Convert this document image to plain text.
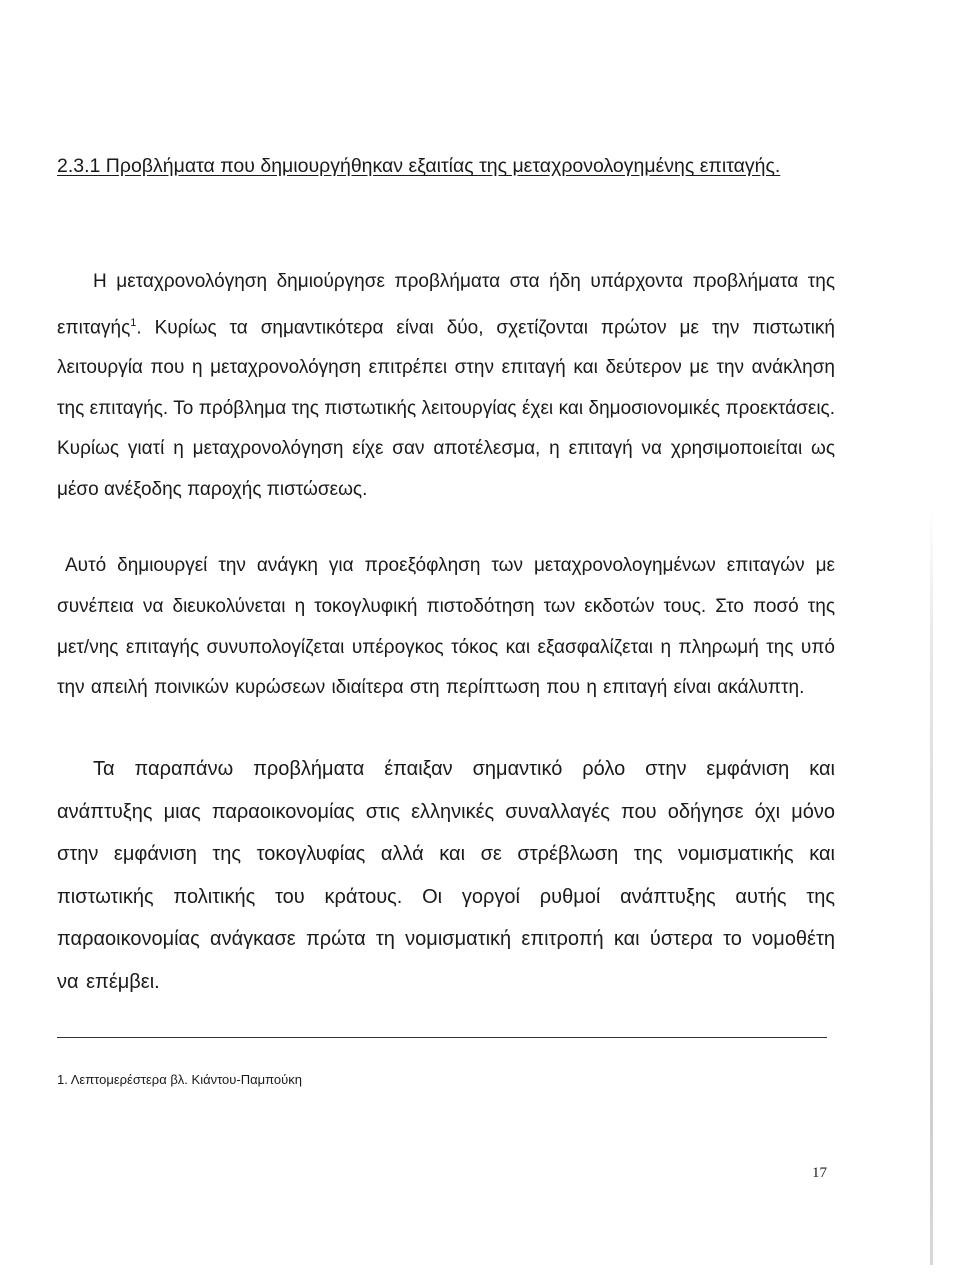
2.3.1 Προβλήματα που δημιουργήθηκαν εξαιτίας της μεταχρονολογημένης επιταγής.

Η μεταχρονολόγηση δημιούργησε προβλήματα στα ήδη υπάρχοντα προβλήματα της επιταγής$^1$. Κυρίως τα σημαντικότερα είναι δύο, σχετίζονται πρώτον με την πιστωτική λειτουργία που η μεταχρονολόγηση επιτρέπει στην επιταγή και δεύτερον με την ανάκληση της επιταγής. Το πρόβλημα της πιστωτικής λειτουργίας έχει και δημοσιονομικές προεκτάσεις. Κυρίως γιατί η μεταχρονολόγηση είχε σαν αποτέλεσμα, η επιταγή να χρησιμοποιείται ως μέσο ανέξοδης παροχής πιστώσεως.

Αυτό δημιουργεί την ανάγκη για προεξόφληση των μεταχρονολογημένων επιταγών με συνέπεια να διευκολύνεται η τοκογλυφική πιστοδότηση των εκδοτών τους. Στο ποσό της μετ/νης επιταγής συνυπολογίζεται υπέρογκος τόκος και εξασφαλίζεται η πληρωμή της υπό την απειλή ποινικών κυρώσεων ιδιαίτερα στη περίπτωση που η επιταγή είναι ακάλυπτη.

Τα παραπάνω προβλήματα έπαιξαν σημαντικό ρόλο στην εμφάνιση και ανάπτυξης μιας παραοικονομίας στις ελληνικές συναλλαγές που οδήγησε όχι μόνο στην εμφάνιση της τοκογλυφίας αλλά και σε στρέβλωση της νομισματικής και πιστωτικής πολιτικής του κράτους. Οι γοργοί ρυθμοί ανάπτυξης αυτής της παραοικονομίας ανάγκασε πρώτα τη νομισματική επιτροπή και ύστερα το νομοθέτη να επέμβει.

1. Λεπτομερέστερα βλ. Κιάντου-Παμπούκη

17
